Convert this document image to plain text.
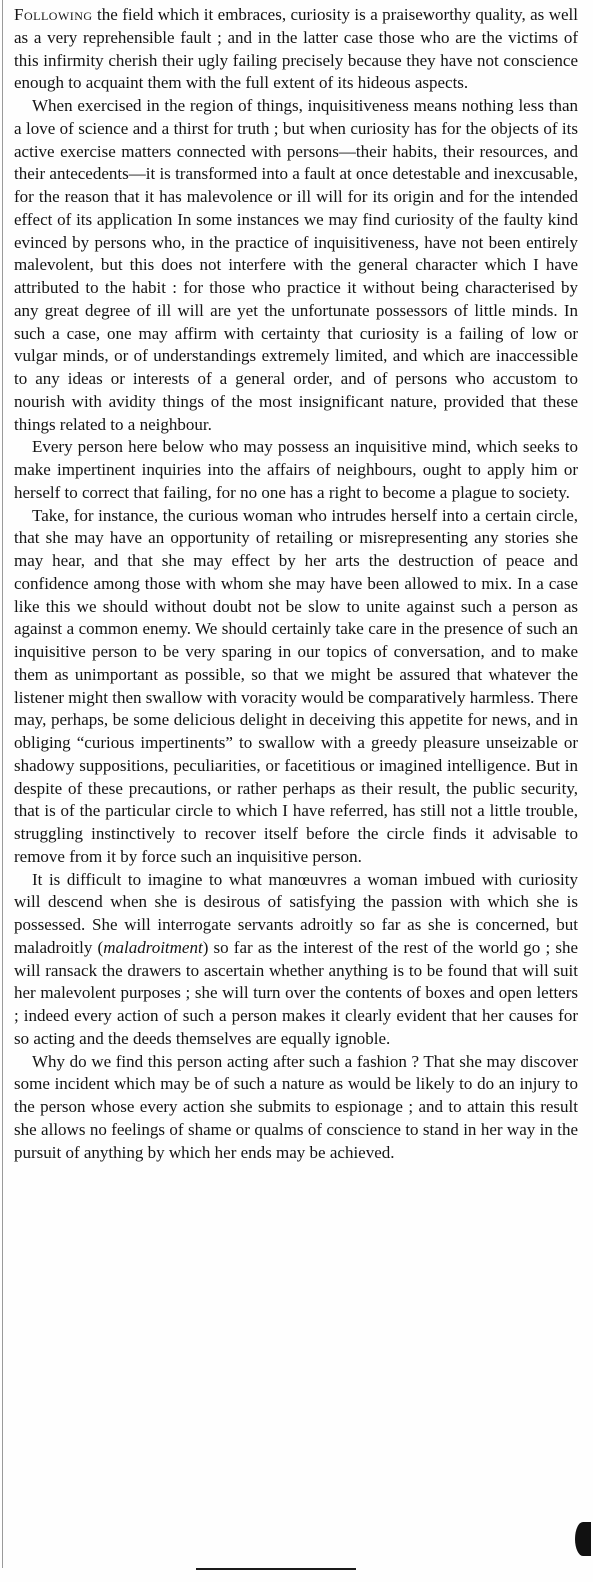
Following the field which it embraces, curiosity is a praiseworthy quality, as well as a very reprehensible fault ; and in the latter case those who are the victims of this infirmity cherish their ugly failing precisely because they have not conscience enough to acquaint them with the full extent of its hideous aspects.

When exercised in the region of things, inquisitiveness means nothing less than a love of science and a thirst for truth ; but when curiosity has for the objects of its active exercise matters connected with persons—their habits, their resources, and their antecedents—it is transformed into a fault at once detestable and inexcusable, for the reason that it has malevolence or ill will for its origin and for the intended effect of its application In some instances we may find curiosity of the faulty kind evinced by persons who, in the practice of inquisitiveness, have not been entirely malevolent, but this does not interfere with the general character which I have attributed to the habit : for those who practice it without being characterised by any great degree of ill will are yet the unfortunate possessors of little minds. In such a case, one may affirm with certainty that curiosity is a failing of low or vulgar minds, or of understandings extremely limited, and which are inaccessible to any ideas or interests of a general order, and of persons who accustom to nourish with avidity things of the most insignificant nature, provided that these things related to a neighbour.

Every person here below who may possess an inquisitive mind, which seeks to make impertinent inquiries into the affairs of neighbours, ought to apply him or herself to correct that failing, for no one has a right to become a plague to society.

Take, for instance, the curious woman who intrudes herself into a certain circle, that she may have an opportunity of retailing or misrepresenting any stories she may hear, and that she may effect by her arts the destruction of peace and confidence among those with whom she may have been allowed to mix. In a case like this we should without doubt not be slow to unite against such a person as against a common enemy. We should certainly take care in the presence of such an inquisitive person to be very sparing in our topics of conversation, and to make them as unimportant as possible, so that we might be assured that whatever the listener might then swallow with voracity would be comparatively harmless. There may, perhaps, be some delicious delight in deceiving this appetite for news, and in obliging “curious impertinents” to swallow with a greedy pleasure unseizable or shadowy suppositions, peculiarities, or facetitious or imagined intelligence. But in despite of these precautions, or rather perhaps as their result, the public security, that is of the particular circle to which I have referred, has still not a little trouble, struggling instinctively to recover itself before the circle finds it advisable to remove from it by force such an inquisitive person.

It is difficult to imagine to what manœuvres a woman imbued with curiosity will descend when she is desirous of satisfying the passion with which she is possessed. She will interrogate servants adroitly so far as she is concerned, but maladroitly (maladroitment) so far as the interest of the rest of the world go ; she will ransack the drawers to ascertain whether anything is to be found that will suit her malevolent purposes ; she will turn over the contents of boxes and open letters ; indeed every action of such a person makes it clearly evident that her causes for so acting and the deeds themselves are equally ignoble.

Why do we find this person acting after such a fashion ? That she may discover some incident which may be of such a nature as would be likely to do an injury to the person whose every action she submits to espionage ; and to attain this result she allows no feelings of shame or qualms of conscience to stand in her way in the pursuit of anything by which her ends may be achieved.
